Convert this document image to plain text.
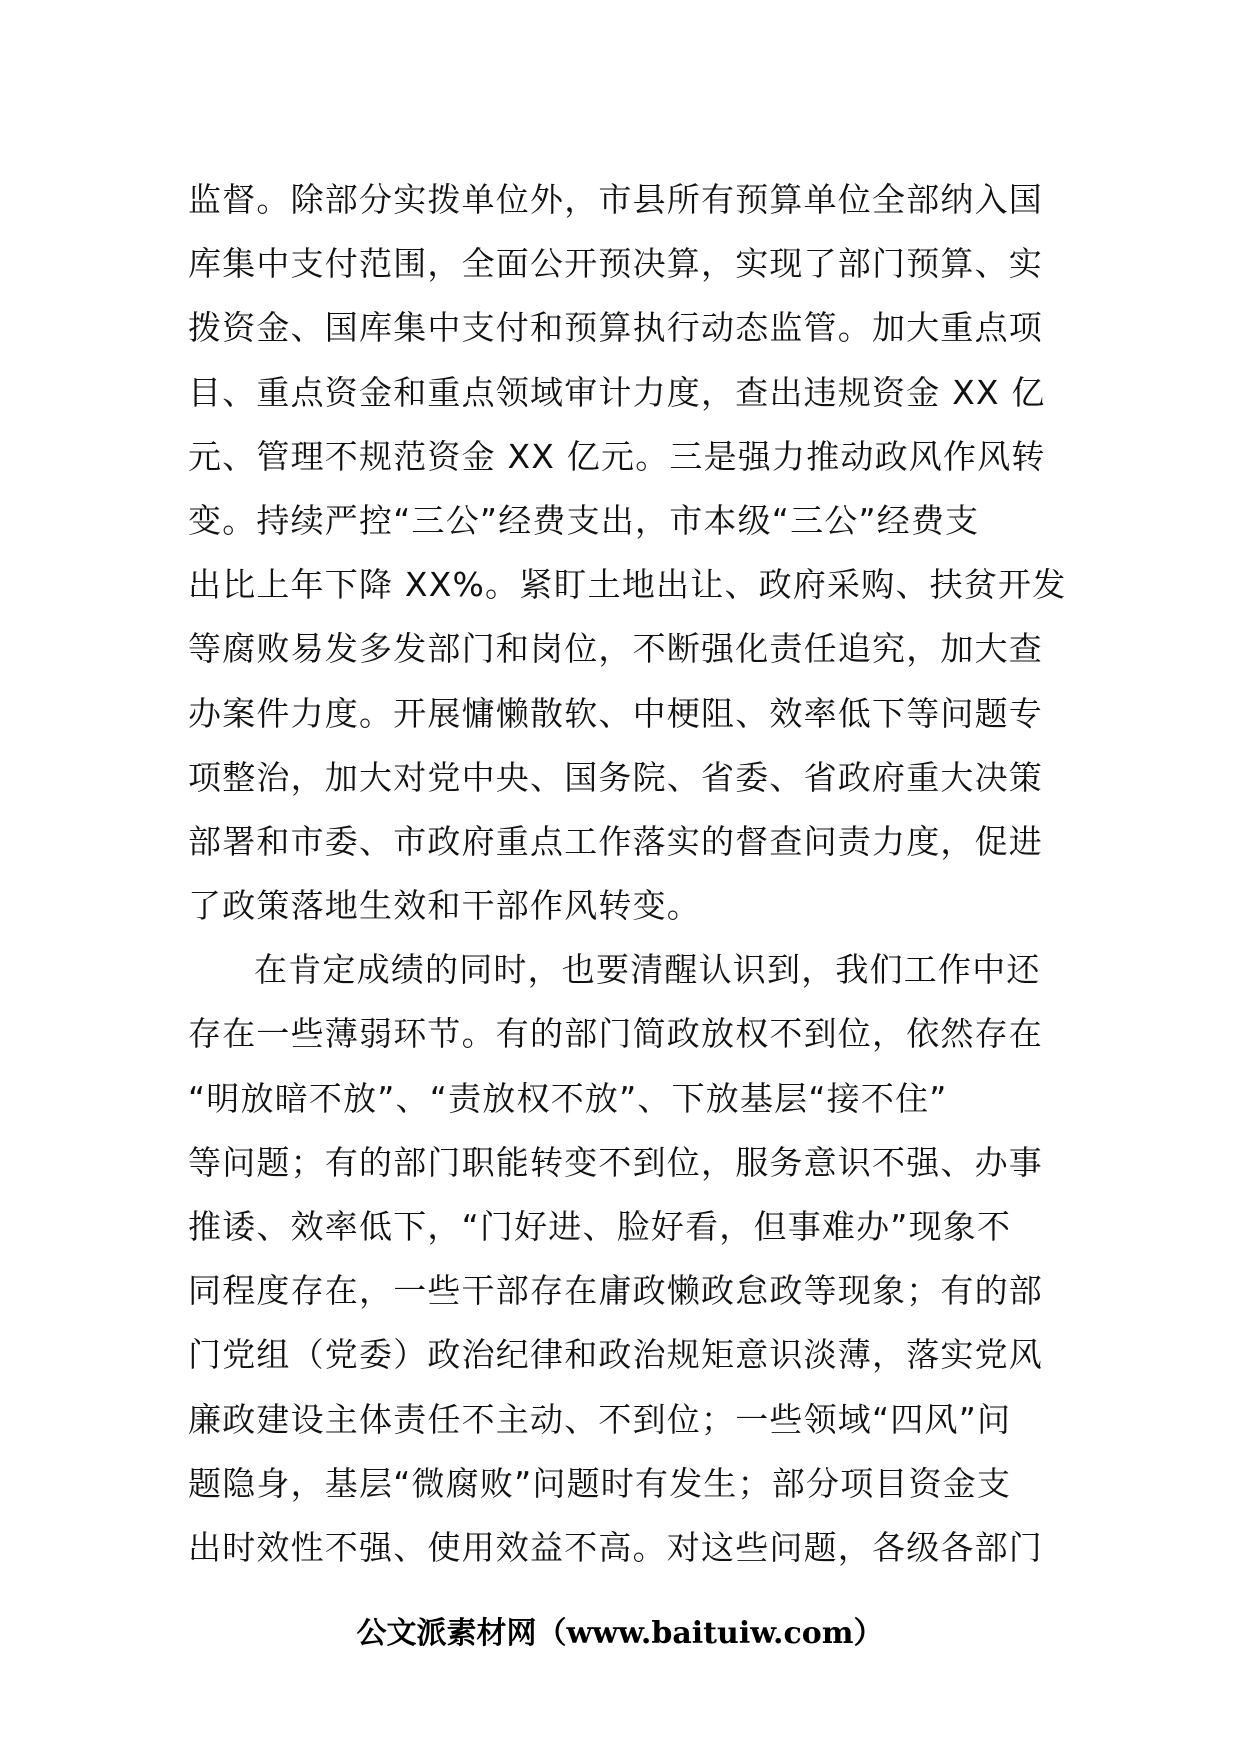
监督。除部分实拨单位外，市县所有预算单位全部纳入国
库集中支付范围，全面公开预决算，实现了部门预算、实
拨资金、国库集中支付和预算执行动态监管。加大重点项
目、重点资金和重点领域审计力度，查出违规资金 XX 亿
元、管理不规范资金 XX 亿元。三是强力推动政风作风转
变。持续严控“三公”经费支出，市本级“三公”经费支
出比上年下降 XX%。紧盯土地出让、政府采购、扶贫开发
等腐败易发多发部门和岗位，不断强化责任追究，加大查
办案件力度。开展慵懒散软、中梗阻、效率低下等问题专
项整治，加大对党中央、国务院、省委、省政府重大决策
部署和市委、市政府重点工作落实的督查问责力度，促进
了政策落地生效和干部作风转变。
在肯定成绩的同时，也要清醒认识到，我们工作中还
存在一些薄弱环节。有的部门简政放权不到位，依然存在
“明放暗不放”、“责放权不放”、下放基层“接不住”
等问题；有的部门职能转变不到位，服务意识不强、办事
推诿、效率低下，“门好进、脸好看，但事难办”现象不
同程度存在，一些干部存在庸政懒政怠政等现象；有的部
门党组（党委）政治纪律和政治规矩意识淡薄，落实党风
廉政建设主体责任不主动、不到位；一些领域“四风”问
题隐身，基层“微腐败”问题时有发生；部分项目资金支
出时效性不强、使用效益不高。对这些问题，各级各部门
公文派素材网（www.baituiw.com）
